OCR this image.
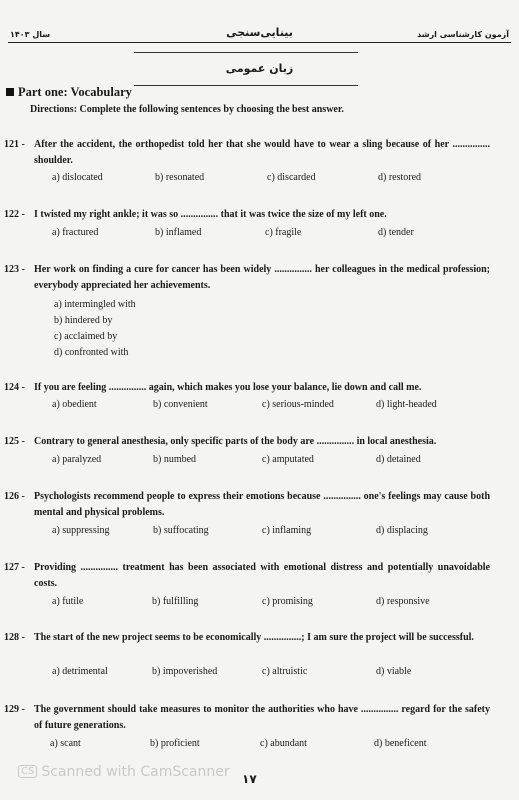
سال ۱۴۰۳	بینایی‌سنجی	آزمون کارشناسی ارشد
زبان عمومی
Part one: Vocabulary
Directions: Complete the following sentences by choosing the best answer.
121 - After the accident, the orthopedist told her that she would have to wear a sling because of her ............... shoulder.
a) dislocated	b) resonated	c) discarded	d) restored
122 - I twisted my right ankle; it was so ............... that it was twice the size of my left one.
a) fractured	b) inflamed	c) fragile	d) tender
123 - Her work on finding a cure for cancer has been widely ............... her colleagues in the medical profession; everybody appreciated her achievements.
a) intermingled with
b) hindered by
c) acclaimed by
d) confronted with
124 - If you are feeling ............... again, which makes you lose your balance, lie down and call me.
a) obedient	b) convenient	c) serious-minded	d) light-headed
125 - Contrary to general anesthesia, only specific parts of the body are ............... in local anesthesia.
a) paralyzed	b) numbed	c) amputated	d) detained
126 - Psychologists recommend people to express their emotions because ............... one's feelings may cause both mental and physical problems.
a) suppressing	b) suffocating	c) inflaming	d) displacing
127 - Providing ............... treatment has been associated with emotional distress and potentially unavoidable costs.
a) futile	b) fulfilling	c) promising	d) responsive
128 - The start of the new project seems to be economically ...............; I am sure the project will be successful.
a) detrimental	b) impoverished	c) altruistic	d) viable
129 - The government should take measures to monitor the authorities who have ............... regard for the safety of future generations.
a) scant	b) proficient	c) abundant	d) beneficent
CS Scanned with CamScanner ۱۷
